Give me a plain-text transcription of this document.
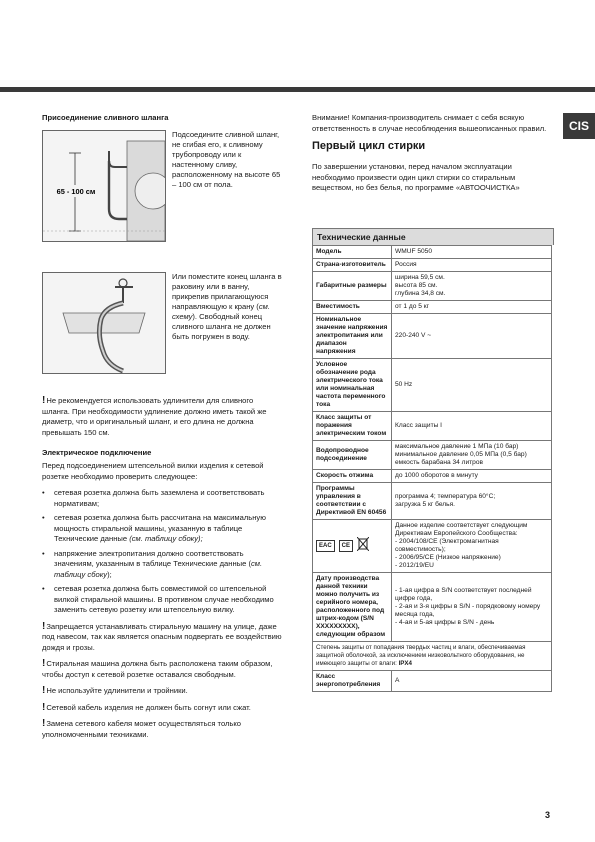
CIS
Присоединение сливного шланга
65 - 100 см
Подсоедините сливной шланг, не сгибая его, к сливному трубопроводу или к настенному сливу, расположенному на высоте 65 – 100 см от пола.
Или поместите конец шланга в раковину или в ванну, прикрепив прилагающуюся направляющую к крану (см. схему). Свободный конец сливного шланга не должен быть погружен в воду.

!Не рекомендуется использовать удлинители для сливного шланга. При необходимости удлинение должно иметь такой же диаметр, что и оригинальный шланг, и его длина не должна превышать 150 см.

Электрическое подключение

Перед подсоединением штепсельной вилки изделия к сетевой розетке необходимо проверить следующее:

• сетевая розетка должна быть заземлена и соответствовать нормативам;
• сетевая розетка должна быть рассчитана на максимальную мощность стиральной машины, указанную в таблице Технические данные (см. таблицу сбоку);
• напряжение электропитания должно соответствовать значениям, указанным в таблице Технические данные (см. таблицу сбоку);
• сетевая розетка должна быть совместимой со штепсельной вилкой стиральной машины. В противном случае необходимо заменить сетевую розетку или штепсельную вилку.

!Запрещается устанавливать стиральную машину на улице, даже под навесом, так как является опасным подвергать ее воздействию дождя и грозы.

!Стиральная машина должна быть расположена таким образом, чтобы доступ к сетевой розетке оставался свободным.

!Не используйте удлинители и тройники.

!Сетевой кабель изделия не должен быть согнут или сжат.

!Замена сетевого кабеля может осуществляться только уполномоченными техниками.

Внимание! Компания-производитель снимает с себя всякую ответственность в случае несоблюдения вышеописанных правил.

Первый цикл стирки

По завершении установки, перед началом эксплуатации необходимо произвести один цикл стирки со стиральным веществом, но без белья, по программе «АВТООЧИСТКА»

Технические данные
Модель	WMUF 5050
Страна-изготовитель	Россия
Габаритные размеры	ширина 59,5 см.
высота 85 см.
глубина 34,8 см.
Вместимость	от 1 до 5 кг
Номинальное значение напряжения электропитания или диапазон напряжения	220-240 V ~
Условное обозначение рода электрического тока или номинальная частота переменного тока	50 Hz
Класс защиты от поражения электрическим током	Класс защиты I
Водопроводное подсоединение	максимальное давление 1 МПа (10 бар)
минимальное давление 0,05 МПа (0,5 бар)
емкость барабана 34 литров
Скорость отжима	до 1000 оборотов в минуту
Программы управления в соответствии с Директивой EN 60456	программа 4; температура 60°С;
загрузка 5 кг белья.

EAC CE	Данное изделие соответствует следующим Директивам Европейского Сообщества:
- 2004/108/CE (Электромагнитная совместимость);
- 2006/95/CE (Низкое напряжение)
- 2012/19/EU
Дату производства данной техники можно получить из серийного номера, расположенного под штрих-кодом (S/N XXXXXXXXX), следующим образом	- 1-ая цифра в S/N соответствует последней цифре года,
- 2-ая и 3-я цифры в S/N - порядковому номеру месяца года,
- 4-ая и 5-ая цифры в S/N - день
Степень защиты от попадания твердых частиц и влаги, обеспечиваемая защитной оболочкой, за исключением низковольтного оборудования, не имеющего защиты от влаги: IPX4	
Класс энергопотребления	A
3
